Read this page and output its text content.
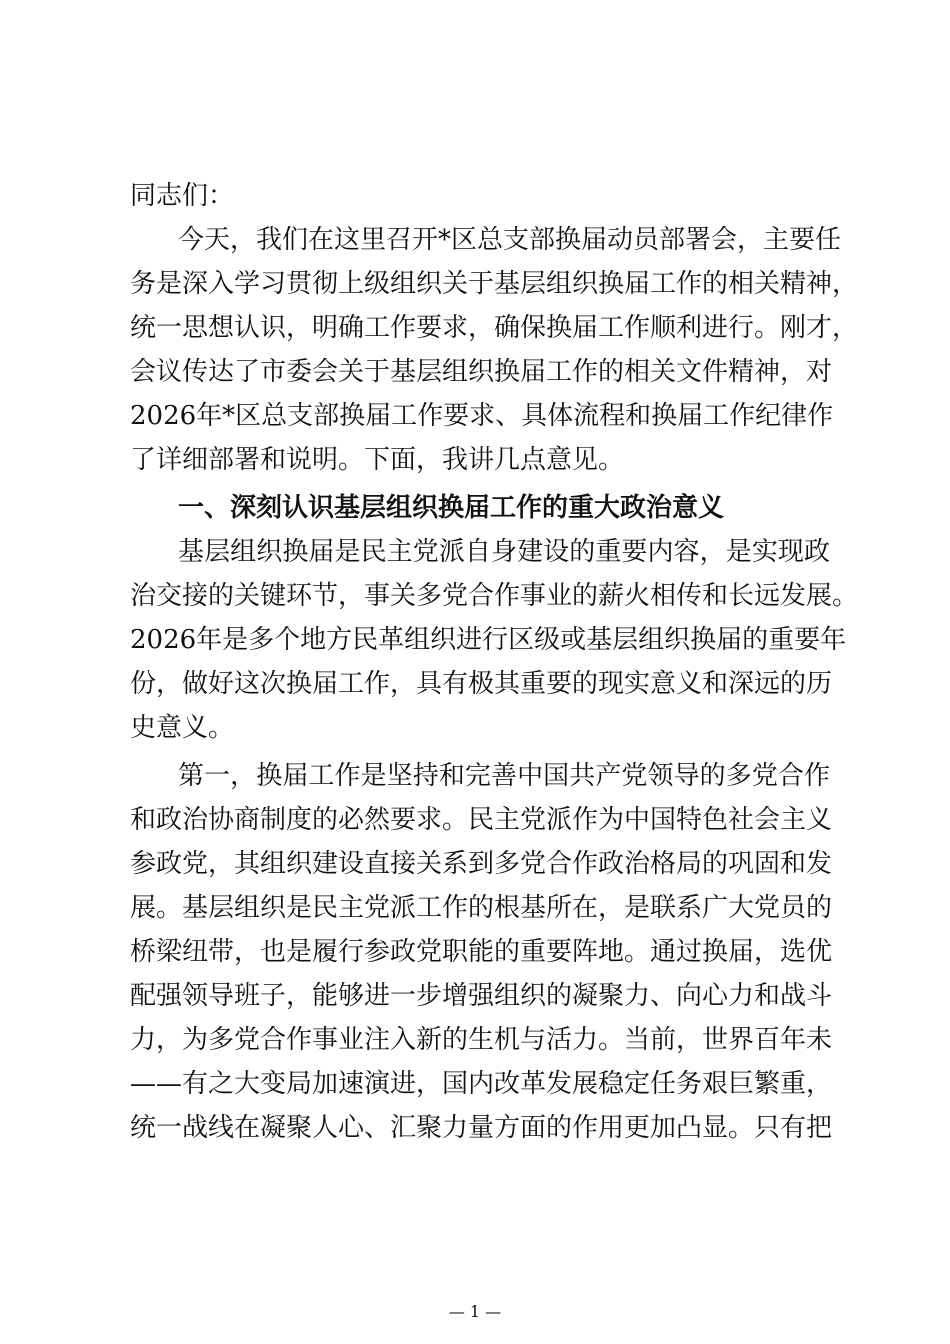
同志们：
今天，我们在这里召开*区总支部换届动员部署会，主要任
务是深入学习贯彻上级组织关于基层组织换届工作的相关精神，
统一思想认识，明确工作要求，确保换届工作顺利进行。刚才，
会议传达了市委会关于基层组织换届工作的相关文件精神，对
2026年*区总支部换届工作要求、具体流程和换届工作纪律作
了详细部署和说明。下面，我讲几点意见。
一、深刻认识基层组织换届工作的重大政治意义
基层组织换届是民主党派自身建设的重要内容，是实现政
治交接的关键环节，事关多党合作事业的薪火相传和长远发展。
2026年是多个地方民革组织进行区级或基层组织换届的重要年
份，做好这次换届工作，具有极其重要的现实意义和深远的历
史意义。
第一，换届工作是坚持和完善中国共产党领导的多党合作
和政治协商制度的必然要求。民主党派作为中国特色社会主义
参政党，其组织建设直接关系到多党合作政治格局的巩固和发
展。基层组织是民主党派工作的根基所在，是联系广大党员的
桥梁纽带，也是履行参政党职能的重要阵地。通过换届，选优
配强领导班子，能够进一步增强组织的凝聚力、向心力和战斗
力，为多党合作事业注入新的生机与活力。当前，世界百年未
——有之大变局加速演进，国内改革发展稳定任务艰巨繁重，
统一战线在凝聚人心、汇聚力量方面的作用更加凸显。只有把
— 1 —
